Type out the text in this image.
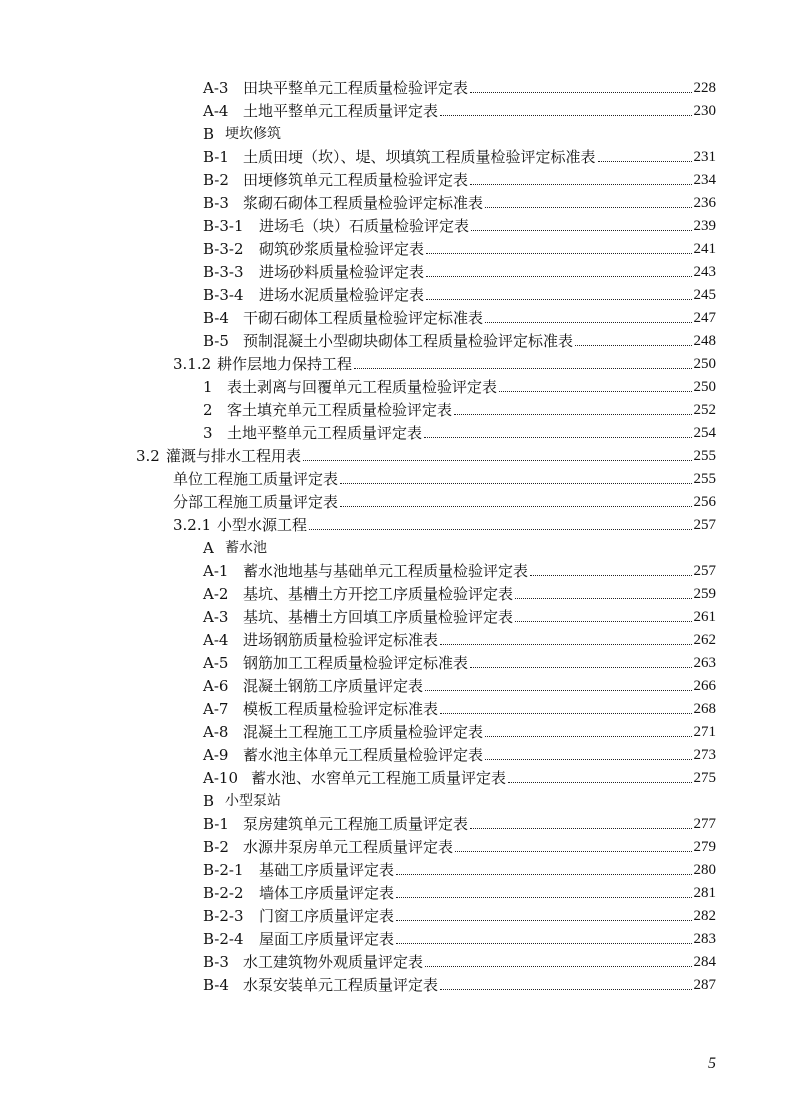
A-3 田块平整单元工程质量检验评定表	228
A-4 土地平整单元工程质量评定表	230
B 埂坎修筑
B-1 土质田埂（坎）、堤、坝填筑工程质量检验评定标准表	231
B-2 田埂修筑单元工程质量检验评定表	234
B-3 浆砌石砌体工程质量检验评定标准表	236
B-3-1	进场毛（块）石质量检验评定表	239
B-3-2	砌筑砂浆质量检验评定表	241
B-3-3	进场砂料质量检验评定表	243
B-3-4	进场水泥质量检验评定表	245
B-4 干砌石砌体工程质量检验评定标准表	247
B-5 预制混凝土小型砌块砌体工程质量检验评定标准表	248
3.1.2 耕作层地力保持工程	250
1 表土剥离与回覆单元工程质量检验评定表	250
2 客土填充单元工程质量检验评定表	252
3 土地平整单元工程质量评定表	254
3.2 灌溉与排水工程用表	255
单位工程施工质量评定表	255
分部工程施工质量评定表	256
3.2.1 小型水源工程	257
A 蓄水池
A-1 蓄水池地基与基础单元工程质量检验评定表	257
A-2 基坑、基槽土方开挖工序质量检验评定表	259
A-3 基坑、基槽土方回填工序质量检验评定表	261
A-4 进场钢筋质量检验评定标准表	262
A-5 钢筋加工工程质量检验评定标准表	263
A-6 混凝土钢筋工序质量评定表	266
A-7 模板工程质量检验评定标准表	268
A-8 混凝土工程施工工序质量检验评定表	271
A-9 蓄水池主体单元工程质量检验评定表	273
A-10 蓄水池、水窖单元工程施工质量评定表	275
B 小型泵站
B-1 泵房建筑单元工程施工质量评定表	277
B-2 水源井泵房单元工程质量评定表	279
B-2-1	基础工序质量评定表	280
B-2-2	墙体工序质量评定表	281
B-2-3	门窗工序质量评定表	282
B-2-4	屋面工序质量评定表	283
B-3 水工建筑物外观质量评定表	284
B-4 水泵安装单元工程质量评定表	287
5
